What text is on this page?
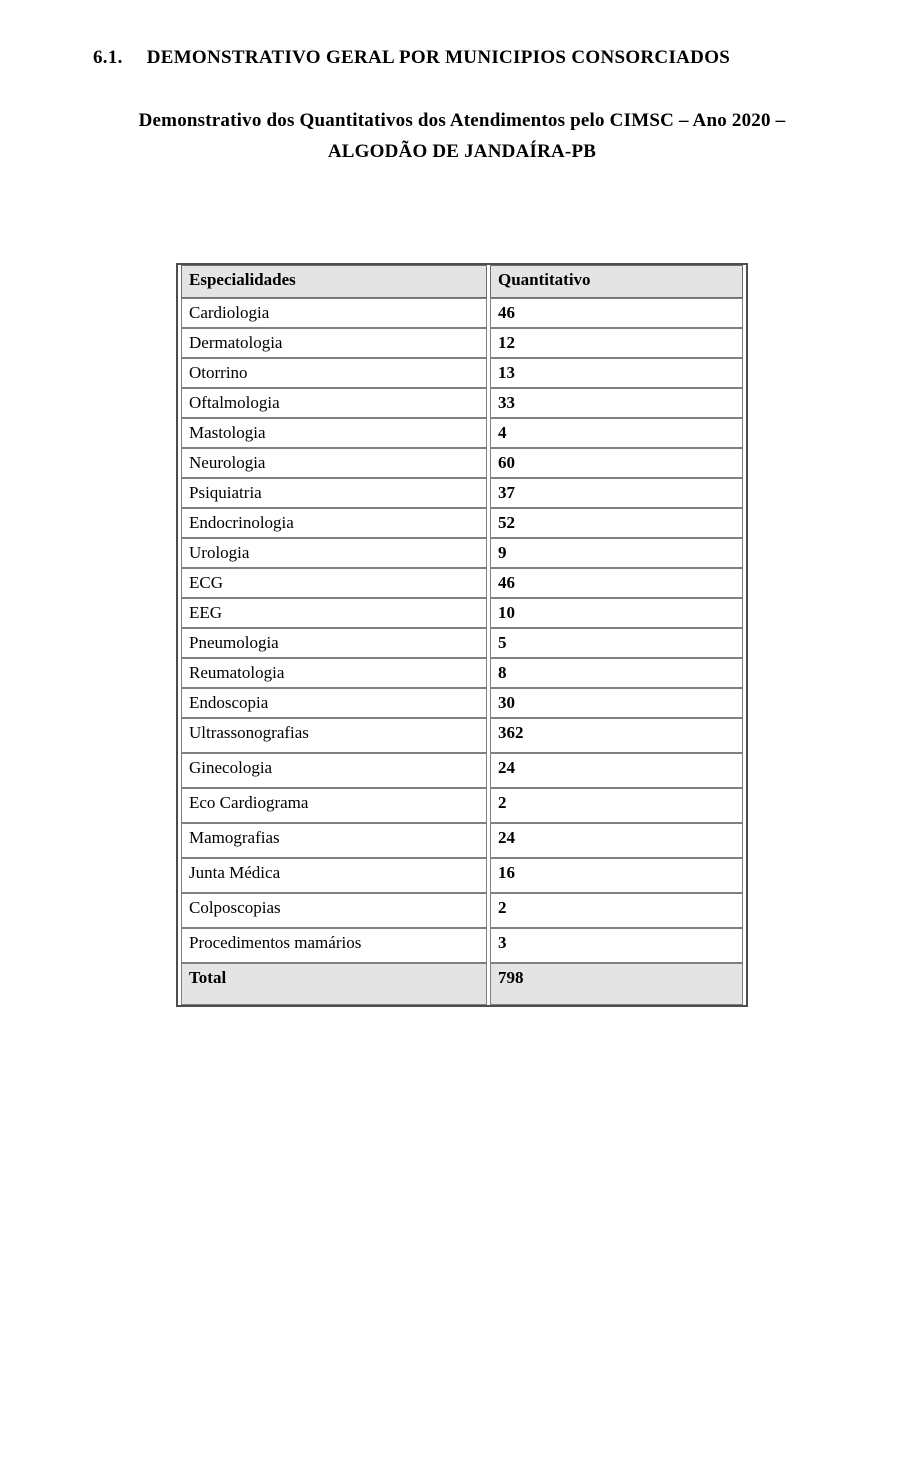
6.1. DEMONSTRATIVO GERAL POR MUNICIPIOS CONSORCIADOS
Demonstrativo dos Quantitativos dos Atendimentos pelo CIMSC – Ano 2020 –
ALGODÃO DE JANDAÍRA-PB
Especialidades	Quantitativo
Cardiologia	46
Dermatologia	12
Otorrino	13
Oftalmologia	33
Mastologia	4
Neurologia	60
Psiquiatria	37
Endocrinologia	52
Urologia	9
ECG	46
EEG	10
Pneumologia	5
Reumatologia	8
Endoscopia	30
Ultrassonografias	362
Ginecologia	24
Eco Cardiograma	2
Mamografias	24
Junta Médica	16
Colposcopias	2
Procedimentos mamários	3
Total	798
